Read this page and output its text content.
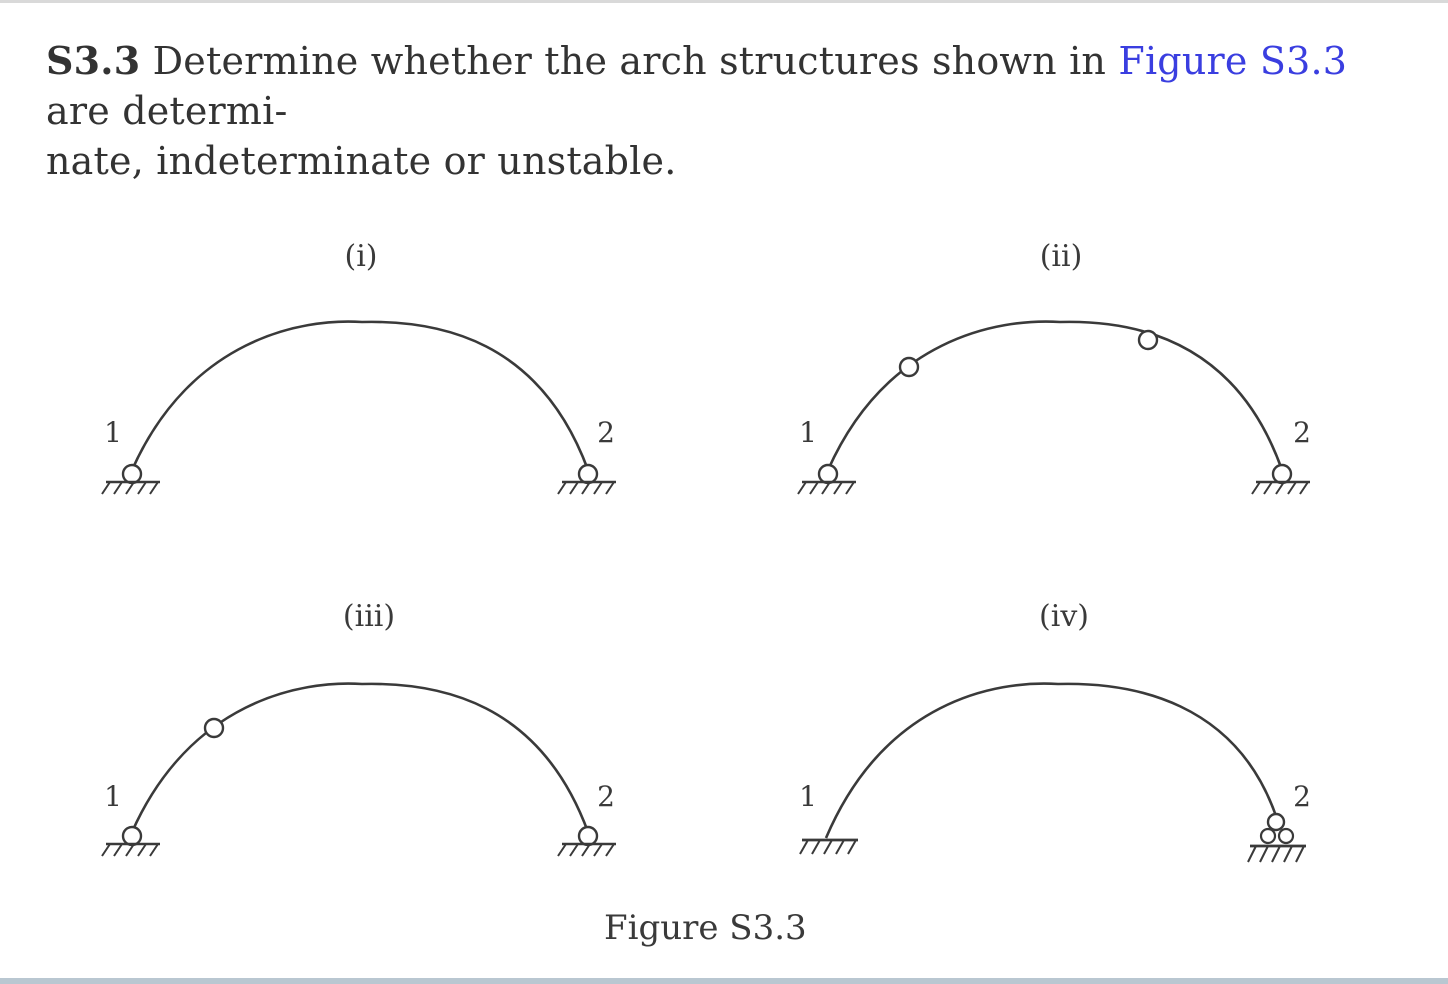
S3.3 Determine whether the arch structures shown in Figure S3.3 are determi-
nate, indeterminate or unstable.
(i)
1	2
(ii)
1	2
(iii)
1	2
(iv)
1	2
Figure S3.3
